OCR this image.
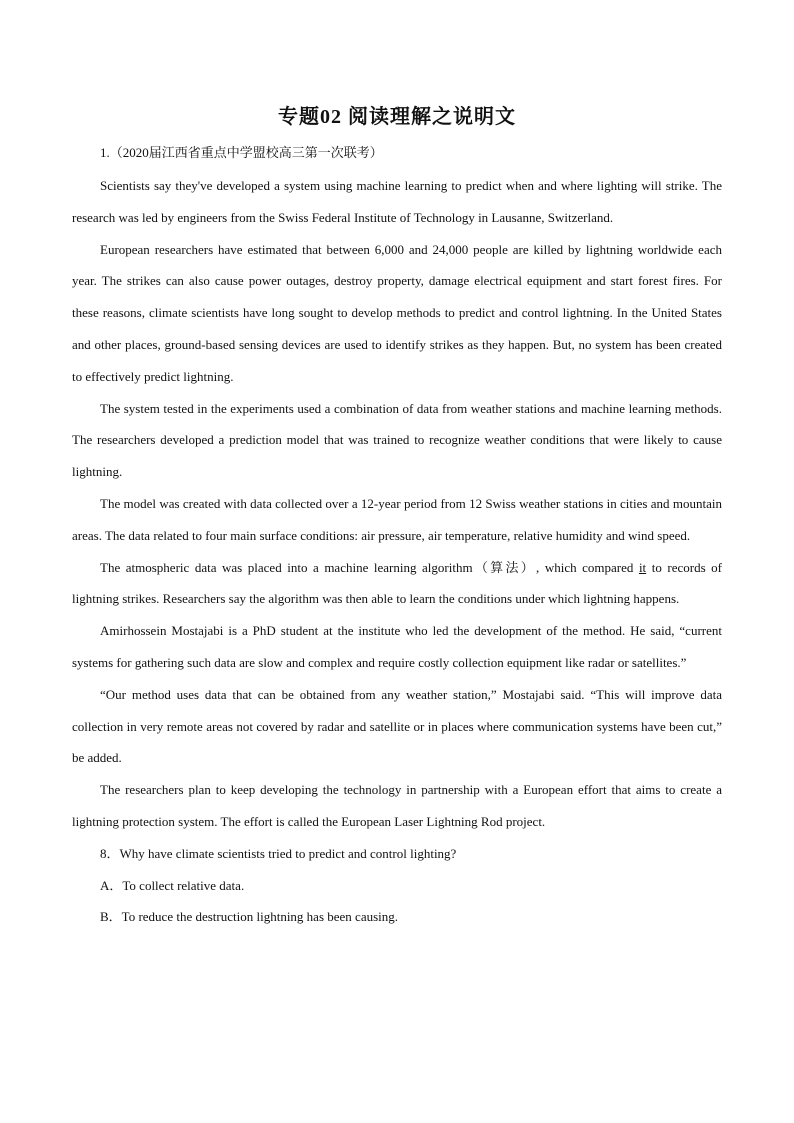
专题02 阅读理解之说明文
1.（2020届江西省重点中学盟校高三第一次联考）

Scientists say they've developed a system using machine learning to predict when and where lighting will strike. The research was led by engineers from the Swiss Federal Institute of Technology in Lausanne, Switzerland.

European researchers have estimated that between 6,000 and 24,000 people are killed by lightning worldwide each year. The strikes can also cause power outages, destroy property, damage electrical equipment and start forest fires. For these reasons, climate scientists have long sought to develop methods to predict and control lightning. In the United States and other places, ground-based sensing devices are used to identify strikes as they happen. But, no system has been created to effectively predict lightning.

The system tested in the experiments used a combination of data from weather stations and machine learning methods. The researchers developed a prediction model that was trained to recognize weather conditions that were likely to cause lightning.

The model was created with data collected over a 12-year period from 12 Swiss weather stations in cities and mountain areas. The data related to four main surface conditions: air pressure, air temperature, relative humidity and wind speed.

The atmospheric data was placed into a machine learning algorithm（算法）, which compared it to records of lightning strikes. Researchers say the algorithm was then able to learn the conditions under which lightning happens.

Amirhossein Mostajabi is a PhD student at the institute who led the development of the method. He said, “current systems for gathering such data are slow and complex and require costly collection equipment like radar or satellites.”

“Our method uses data that can be obtained from any weather station,” Mostajabi said. “This will improve data collection in very remote areas not covered by radar and satellite or in places where communication systems have been cut,” be added.

The researchers plan to keep developing the technology in partnership with a European effort that aims to create a lightning protection system. The effort is called the European Laser Lightning Rod project.

8．Why have climate scientists tried to predict and control lighting?

A．To collect relative data.

B．To reduce the destruction lightning has been causing.
